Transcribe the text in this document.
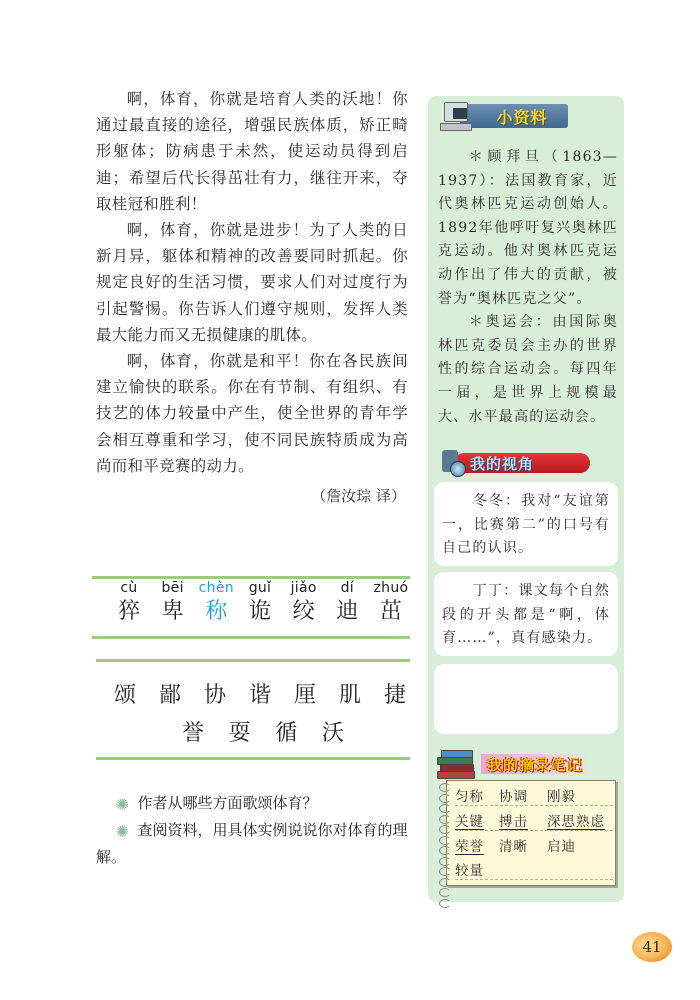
啊，体育，你就是培育人类的沃地！你通过最直接的途径，增强民族体质，矫正畸形躯体；防病患于未然，使运动员得到启迪；希望后代长得茁壮有力，继往开来，夺取桂冠和胜利！

啊，体育，你就是进步！为了人类的日新月异，躯体和精神的改善要同时抓起。你规定良好的生活习惯，要求人们对过度行为引起警惕。你告诉人们遵守规则，发挥人类最大能力而又无损健康的肌体。

啊，体育，你就是和平！你在各民族间建立愉快的联系。你在有节制、有组织、有技艺的体力较量中产生，使全世界的青年学会相互尊重和学习，使不同民族特质成为高尚而和平竞赛的动力。

（詹汝琮 译）
cù
猝
bēi
卑
chèn
称
guǐ
诡
jiǎo
绞
dí
迪
zhuó
茁
颂 鄙 协 谐 厘 肌 捷
誉 耍 循 沃

✺作者从哪些方面歌颂体育？

✺查阅资料，用具体实例说说你对体育的理解。

小资料

＊顾拜旦（1863—1937）：法国教育家，近代奥林匹克运动创始人。1892年他呼吁复兴奥林匹克运动。他对奥林匹克运动作出了伟大的贡献，被誉为“奥林匹克之父”。

＊奥运会：由国际奥林匹克委员会主办的世界性的综合运动会。每四年一届，是世界上规模最大、水平最高的运动会。

我的视角

冬冬：我对“友谊第一，比赛第二”的口号有自己的认识。

丁丁：课文每个自然段的开头都是“啊，体育……”，真有感染力。

我的摘录笔记
匀称	协调	刚毅
关键	搏击	深思熟虑
荣誉	清晰	启迪
较量
41
